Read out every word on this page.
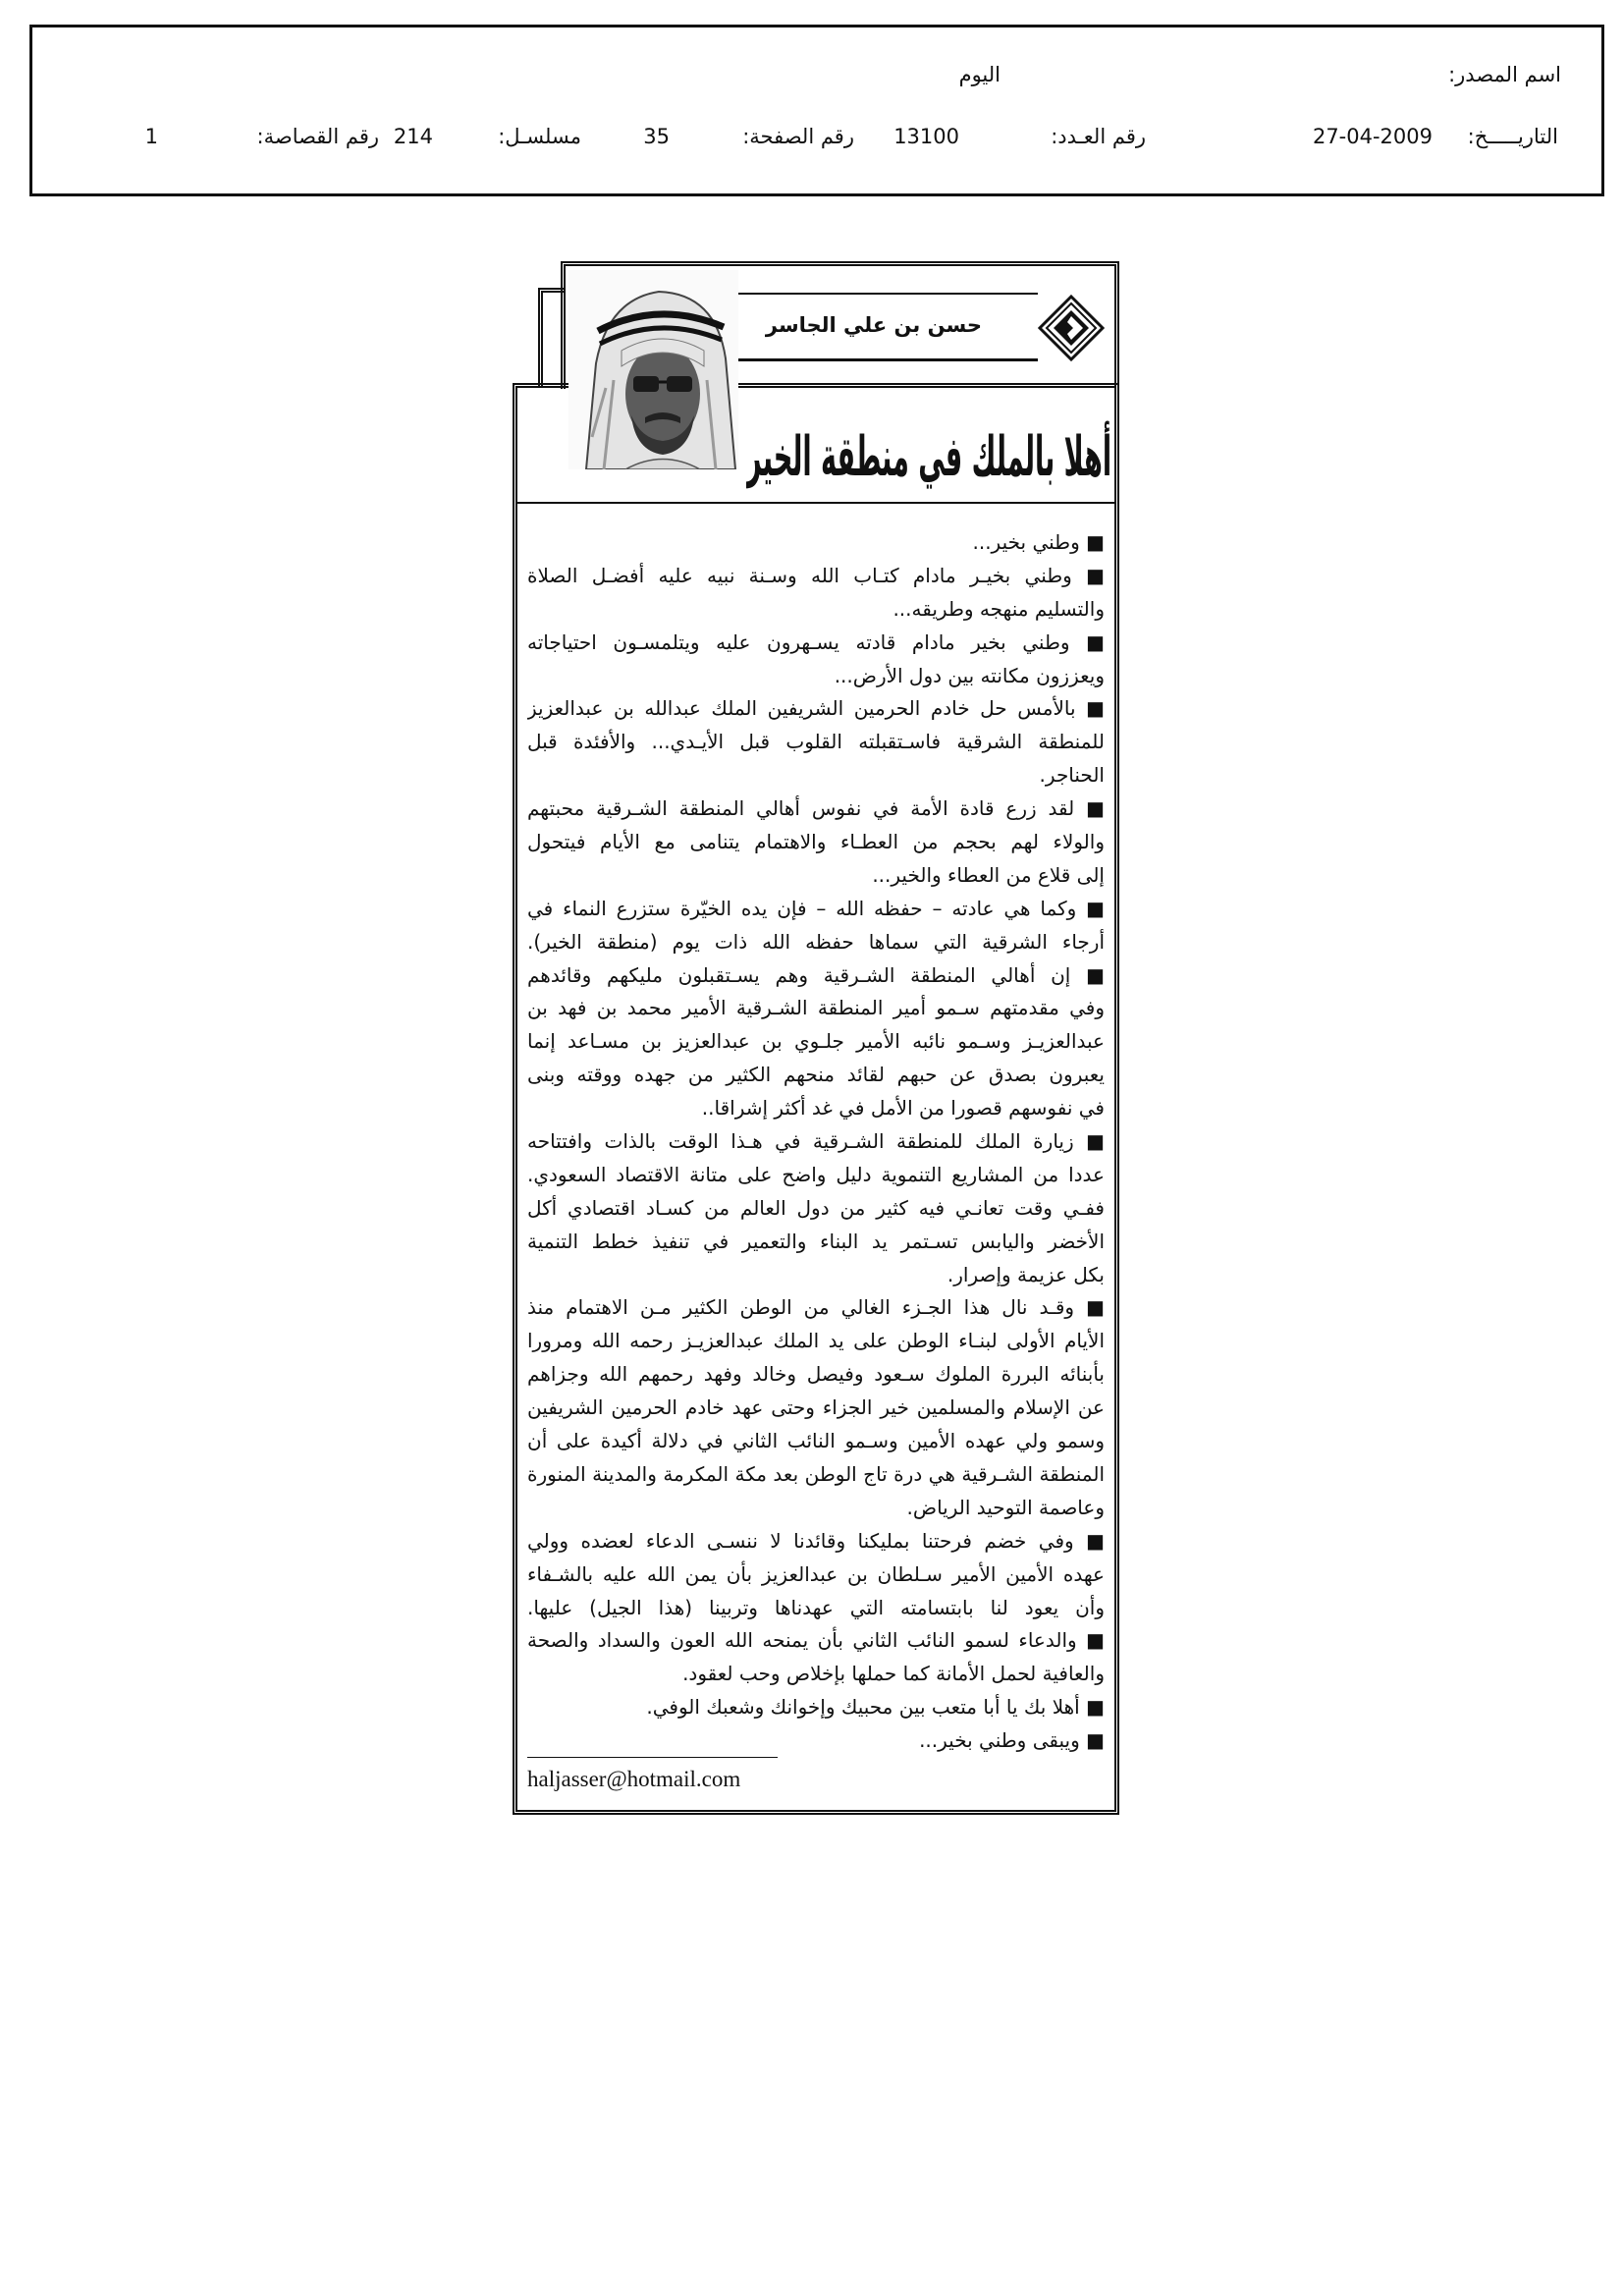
اسم المصدر:
اليوم
التاريـــــخ:
27-04-2009
رقم العـدد:
13100
رقم الصفحة:
35
مسلسـل:
214
رقم القصاصة:
1
حسن بن علي الجاسر
أهلا بالملك في منطقة الخير
■ وطني بخير...
■ وطني بخيـر مادام كتـاب الله وسـنة نبيه عليه أفضـل الصلاة
والتسليم منهجه وطريقه...
■ وطني بخير مادام قادته يسـهرون عليه ويتلمسـون احتياجاته
ويعززون مكانته بين دول الأرض...
■ بالأمس حل خادم الحرمين الشريفين الملك عبدالله بن عبدالعزيز
للمنطقة الشرقية فاسـتقبلته القلوب قبل الأيـدي... والأفئدة قبل
الحناجر.
■ لقد زرع قادة الأمة في نفوس أهالي المنطقة الشـرقية محبتهم
والولاء لهم بحجم من العطـاء والاهتمام يتنامى مع الأيام فيتحول
إلى قلاع من العطاء والخير...
■ وكما هي عادته – حفظه الله – فإن يده الخيّرة ستزرع النماء في
أرجاء الشرقية التي سماها حفظه الله ذات يوم (منطقة الخير).
■ إن أهالي المنطقة الشـرقية وهم يسـتقبلون مليكهم وقائدهم
وفي مقدمتهم سـمو أمير المنطقة الشـرقية الأمير محمد بن فهد بن
عبدالعزيـز وسـمو نائبه الأمير جلـوي بن عبدالعزيز بن مسـاعد إنما
يعبرون بصدق عن حبهم لقائد منحهم الكثير من جهده ووقته وبنى
في نفوسهم قصورا من الأمل في غد أكثر إشراقا..
■ زيارة الملك للمنطقة الشـرقية في هـذا الوقت بالذات وافتتاحه
عددا من المشاريع التنموية دليل واضح على متانة الاقتصاد السعودي.
ففـي وقت تعانـي فيه كثير من دول العالم من كسـاد اقتصادي أكل
الأخضر واليابس تسـتمر يد البناء والتعمير في تنفيذ خطط التنمية
بكل عزيمة وإصرار.
■ وقـد نال هذا الجـزء الغالي من الوطن الكثير مـن الاهتمام منذ
الأيام الأولى لبنـاء الوطن على يد الملك عبدالعزيـز رحمه الله ومرورا
بأبنائه البررة الملوك سـعود وفيصل وخالد وفهد رحمهم الله وجزاهم
عن الإسلام والمسلمين خير الجزاء وحتى عهد خادم الحرمين الشريفين
وسمو ولي عهده الأمين وسـمو النائب الثاني في دلالة أكيدة على أن
المنطقة الشـرقية هي درة تاج الوطن بعد مكة المكرمة والمدينة المنورة
وعاصمة التوحيد الرياض.
■ وفي خضم فرحتنا بمليكنا وقائدنا لا ننسـى الدعاء لعضده وولي
عهده الأمين الأمير سـلطان بن عبدالعزيز بأن يمن الله عليه بالشـفاء
وأن يعود لنا بابتسامته التي عهدناها وتربينا (هذا الجيل) عليها.
■ والدعاء لسمو النائب الثاني بأن يمنحه الله العون والسداد والصحة
والعافية لحمل الأمانة كما حملها بإخلاص وحب لعقود.
■ أهلا بك يا أبا متعب بين محبيك وإخوانك وشعبك الوفي.
■ ويبقى وطني بخير...
haljasser@hotmail.com
